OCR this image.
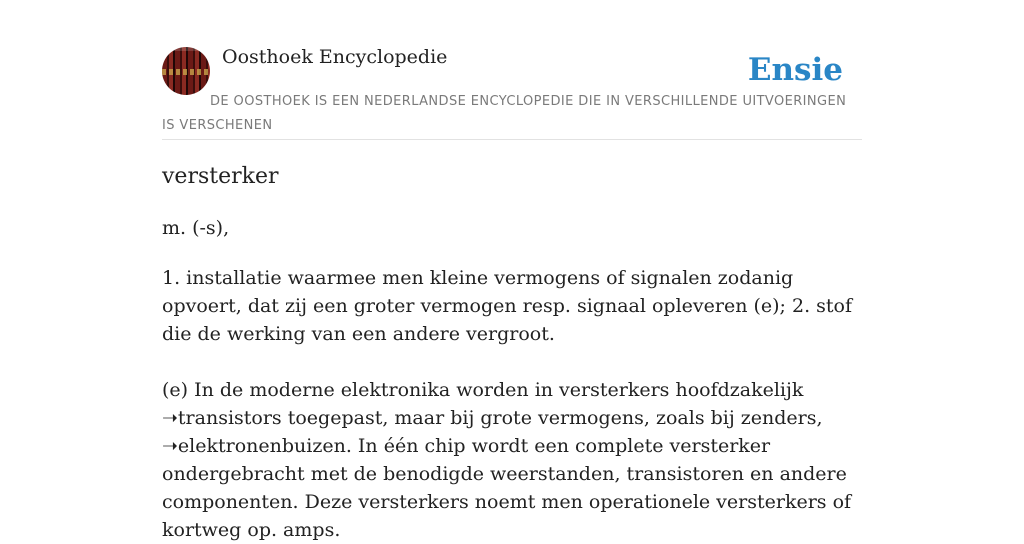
Oosthoek Encyclopedie	Ensie
DE OOSTHOEK IS EEN NEDERLANDSE ENCYCLOPEDIE DIE IN VERSCHILLENDE UITVOERINGEN IS VERSCHENEN
versterker
m. (-s),

1. installatie waarmee men kleine vermogens of signalen zodanig opvoert, dat zij een groter vermogen resp. signaal opleveren (e); 2. stof die de werking van een andere vergroot.

(e) In de moderne elektronika worden in versterkers hoofdzakelijk ➝transistors toegepast, maar bij grote vermogens, zoals bij zenders, ➝elektronenbuizen. In één chip wordt een complete versterker ondergebracht met de benodigde weerstanden, transistoren en andere componenten. Deze versterkers noemt men operationele versterkers of kortweg op. amps.
